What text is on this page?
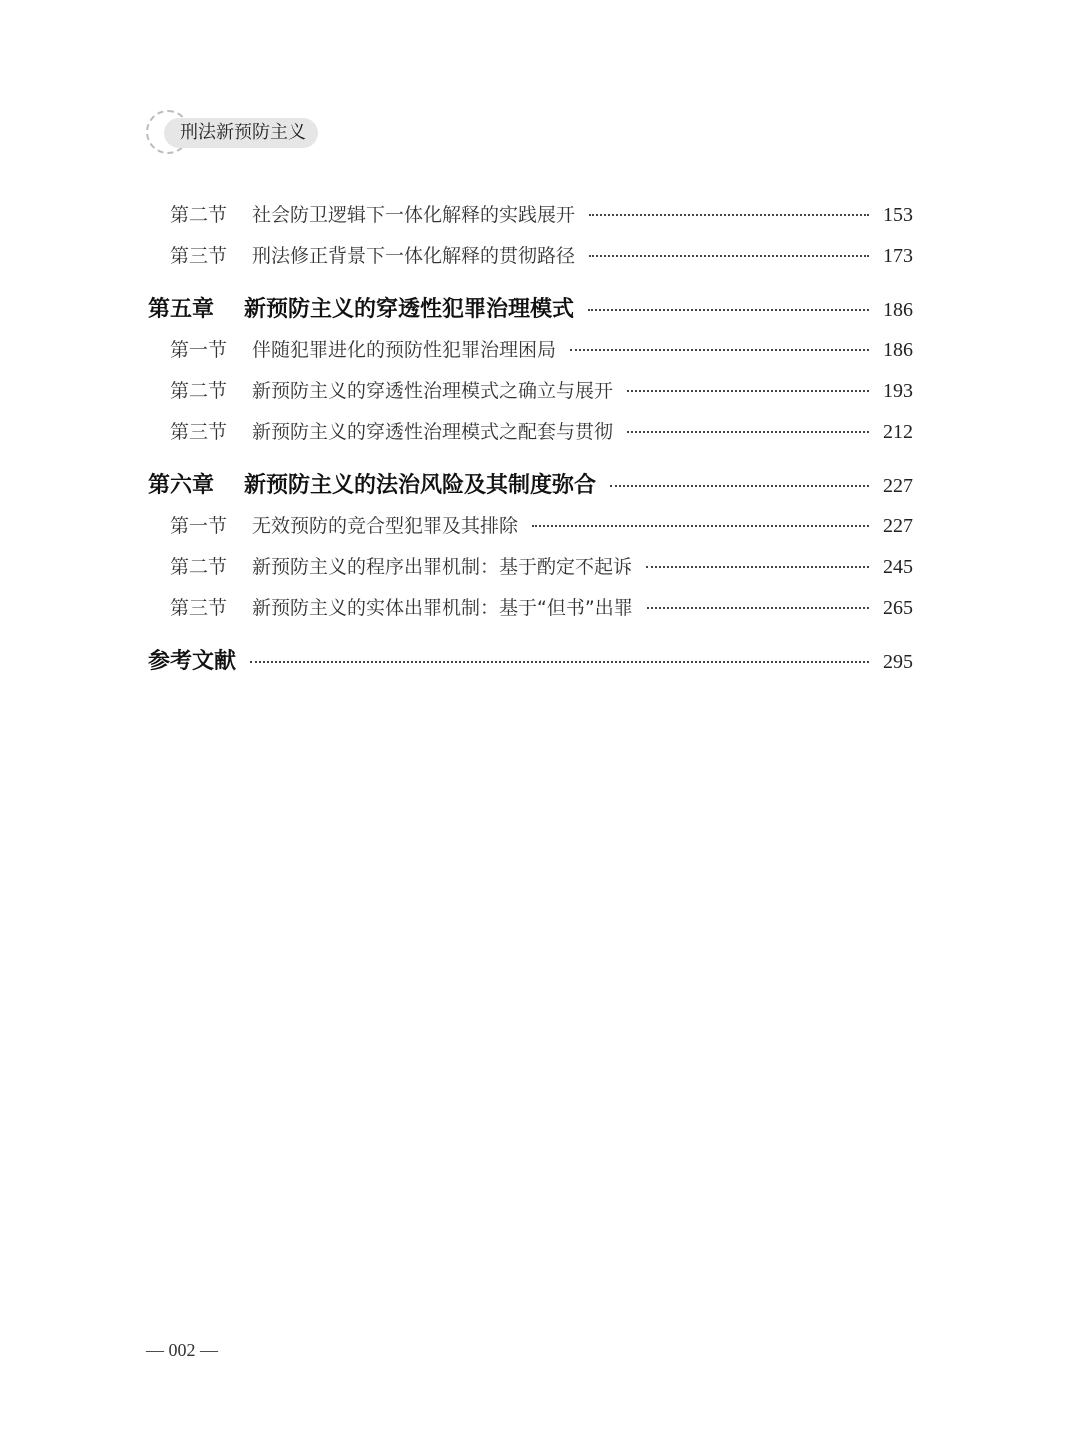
刑法新预防主义
第二节	社会防卫逻辑下一体化解释的实践展开	153
第三节	刑法修正背景下一体化解释的贯彻路径	173
第五章	新预防主义的穿透性犯罪治理模式	186
第一节	伴随犯罪进化的预防性犯罪治理困局	186
第二节	新预防主义的穿透性治理模式之确立与展开	193
第三节	新预防主义的穿透性治理模式之配套与贯彻	212
第六章	新预防主义的法治风险及其制度弥合	227
第一节	无效预防的竞合型犯罪及其排除	227
第二节	新预防主义的程序出罪机制：基于酌定不起诉	245
第三节	新预防主义的实体出罪机制：基于“但书”出罪	265
参考文献	295
— 002 —
